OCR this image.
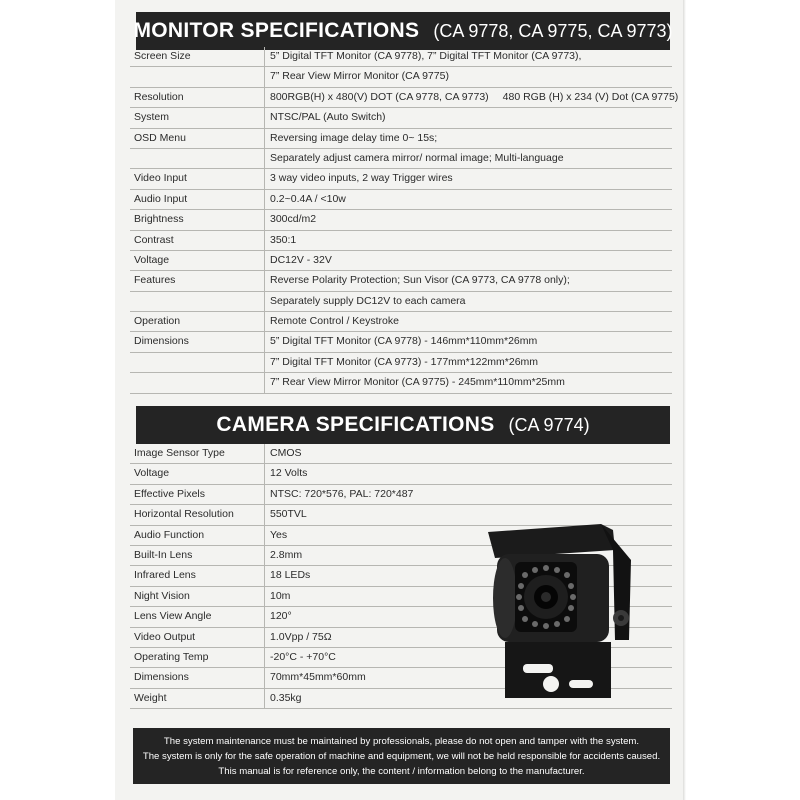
MONITOR SPECIFICATIONS (CA 9778, CA 9775, CA 9773)
Screen Size	5” Digital TFT Monitor (CA 9778), 7” Digital TFT Monitor (CA 9773),
7” Rear View Mirror Monitor (CA 9775)
Resolution	800RGB(H) x 480(V) DOT (CA 9778, CA 9773) 480 RGB (H) x 234 (V) Dot (CA 9775)
System	NTSC/PAL (Auto Switch)
OSD Menu	Reversing image delay time 0~ 15s;
Separately adjust camera mirror/ normal image; Multi-language
Video Input	3 way video inputs, 2 way Trigger wires
Audio Input	0.2~0.4A / <10w
Brightness	300cd/m2
Contrast	350:1
Voltage	DC12V - 32V
Features	Reverse Polarity Protection; Sun Visor (CA 9773, CA 9778 only);
Separately supply DC12V to each camera
Operation	Remote Control / Keystroke
Dimensions	5” Digital TFT Monitor (CA 9778) - 146mm*110mm*26mm
7” Digital TFT Monitor (CA 9773) - 177mm*122mm*26mm
7” Rear View Mirror Monitor (CA 9775) - 245mm*110mm*25mm
CAMERA SPECIFICATIONS (CA 9774)
Image Sensor Type	CMOS
Voltage	12 Volts
Effective Pixels	NTSC: 720*576, PAL: 720*487
Horizontal Resolution	550TVL
Audio Function	Yes
Built-In Lens	2.8mm
Infrared Lens	18 LEDs
Night Vision	10m
Lens View Angle	120°
Video Output	1.0Vpp / 75Ω
Operating Temp	-20°C - +70°C
Dimensions	70mm*45mm*60mm
Weight	0.35kg
The system maintenance must be maintained by professionals, please do not open and tamper with the system.
The system is only for the safe operation of machine and equipment, we will not be held responsible for accidents caused.
This manual is for reference only, the content / information belong to the manufacturer.
